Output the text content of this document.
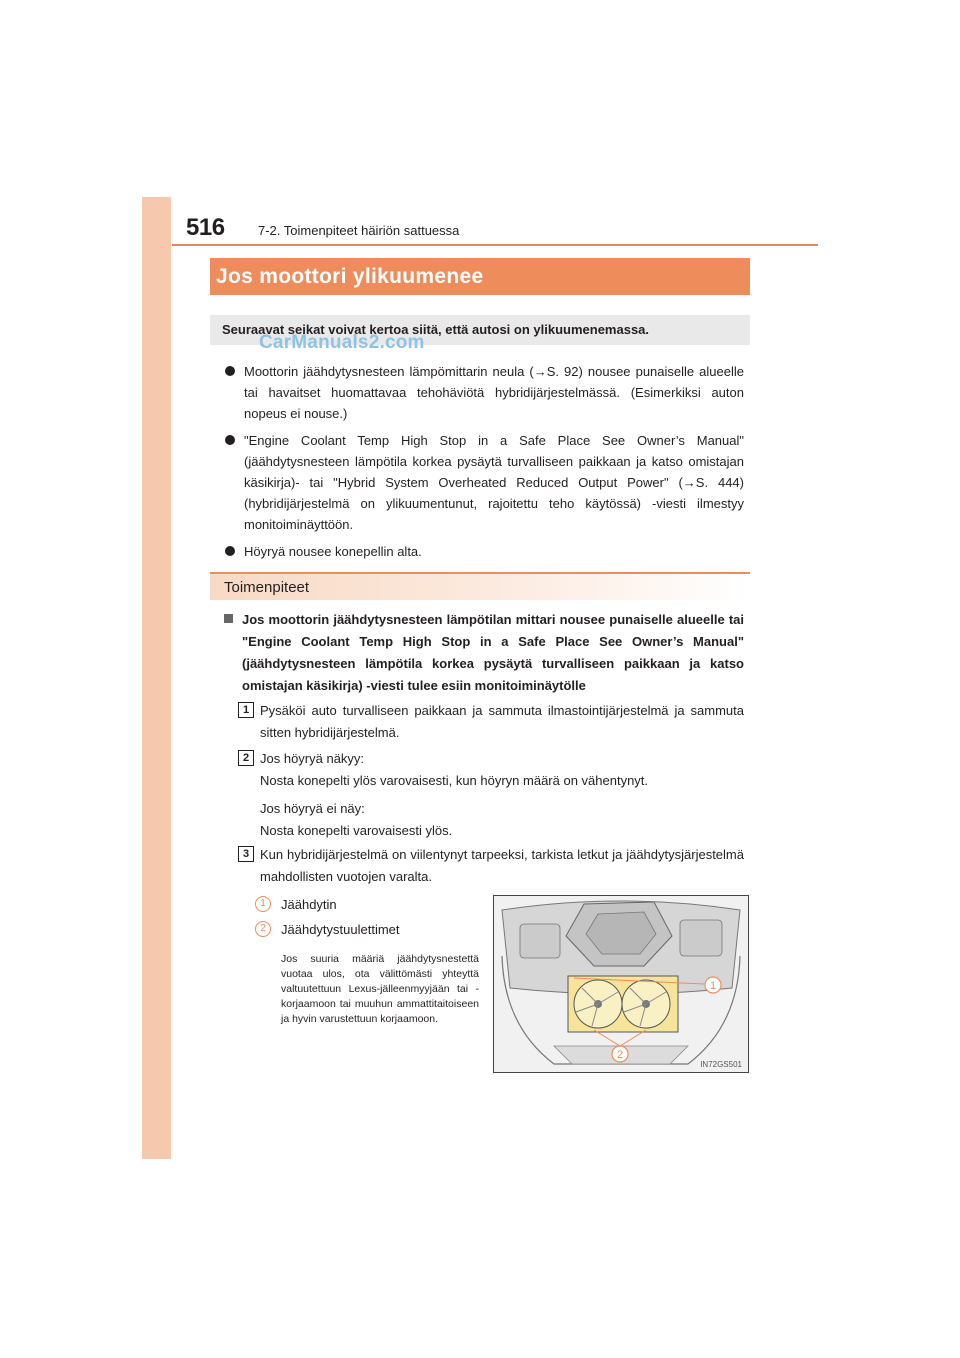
516	7-2. Toimenpiteet häiriön sattuessa
Jos moottori ylikuumenee
Seuraavat seikat voivat kertoa siitä, että autosi on ylikuumenemassa.
CarManuals2.com
Moottorin jäähdytysnesteen lämpömittarin neula (→S. 92) nousee punaiselle alueelle tai havaitset huomattavaa tehohäviötä hybridijärjestelmässä. (Esimerkiksi auton nopeus ei nouse.)
"Engine Coolant Temp High Stop in a Safe Place See Owner’s Manual" (jäähdytysnesteen lämpötila korkea pysäytä turvalliseen paikkaan ja katso omistajan käsikirja)- tai "Hybrid System Overheated Reduced Output Power" (→S. 444) (hybridijärjestelmä on ylikuumentunut, rajoitettu teho käytössä) -viesti ilmestyy monitoiminäyttöön.
Höyryä nousee konepellin alta.
Toimenpiteet
Jos moottorin jäähdytysnesteen lämpötilan mittari nousee punaiselle alueelle tai "Engine Coolant Temp High Stop in a Safe Place See Owner’s Manual" (jäähdytysnesteen lämpötila korkea pysäytä turvalliseen paikkaan ja katso omistajan käsikirja) -viesti tulee esiin monitoiminäytölle
1 Pysäköi auto turvalliseen paikkaan ja sammuta ilmastointijärjestelmä ja sammuta sitten hybridijärjestelmä.
2 Jos höyryä näkyy:
Nosta konepelti ylös varovaisesti, kun höyryn määrä on vähentynyt.
Jos höyryä ei näy:
Nosta konepelti varovaisesti ylös.
3 Kun hybridijärjestelmä on viilentynyt tarpeeksi, tarkista letkut ja jäähdytysjärjestelmä mahdollisten vuotojen varalta.
1	Jäähdytin
2	Jäähdytystuulettimet
Jos suuria määriä jäähdytysnestettä vuotaa ulos, ota välittömästi yhteyttä valtuutettuun Lexus-jälleenmyyjään tai -korjaamoon tai muuhun ammattitaitoiseen ja hyvin varustettuun korjaamoon.
1
2
IN72GS501
